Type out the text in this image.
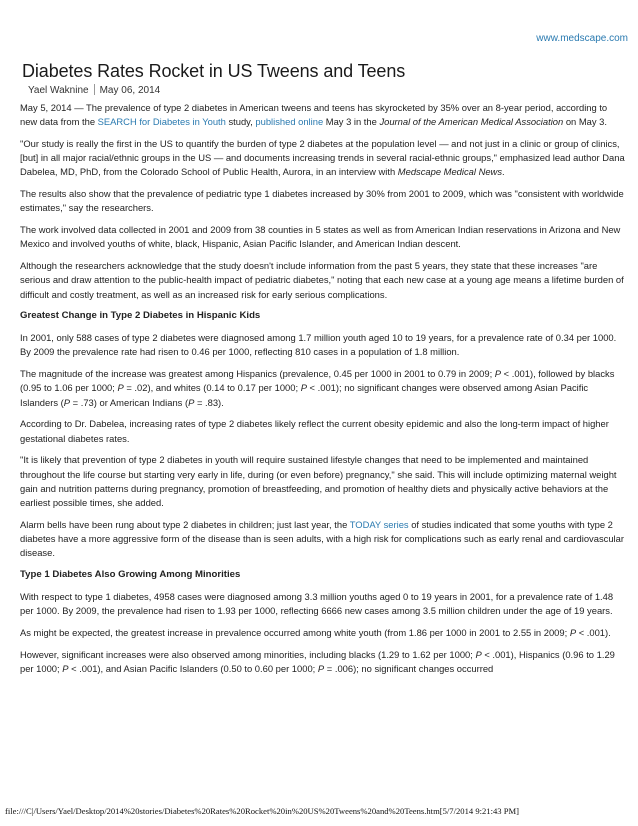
www.medscape.com
Diabetes Rates Rocket in US Tweens and Teens
Yael Waknine May 06, 2014

May 5, 2014 — The prevalence of type 2 diabetes in American tweens and teens has skyrocketed by 35% over an 8-year period, according to new data from the SEARCH for Diabetes in Youth study, published online May 3 in the Journal of the American Medical Association on May 3.

"Our study is really the first in the US to quantify the burden of type 2 diabetes at the population level — and not just in a clinic or group of clinics, [but] in all major racial/ethnic groups in the US — and documents increasing trends in several racial-ethnic groups," emphasized lead author Dana Dabelea, MD, PhD, from the Colorado School of Public Health, Aurora, in an interview with Medscape Medical News.

The results also show that the prevalence of pediatric type 1 diabetes increased by 30% from 2001 to 2009, which was "consistent with worldwide estimates," say the researchers.

The work involved data collected in 2001 and 2009 from 38 counties in 5 states as well as from American Indian reservations in Arizona and New Mexico and involved youths of white, black, Hispanic, Asian Pacific Islander, and American Indian descent.

Although the researchers acknowledge that the study doesn't include information from the past 5 years, they state that these increases "are serious and draw attention to the public-health impact of pediatric diabetes," noting that each new case at a young age means a lifetime burden of difficult and costly treatment, as well as an increased risk for early serious complications.

Greatest Change in Type 2 Diabetes in Hispanic Kids

In 2001, only 588 cases of type 2 diabetes were diagnosed among 1.7 million youth aged 10 to 19 years, for a prevalence rate of 0.34 per 1000. By 2009 the prevalence rate had risen to 0.46 per 1000, reflecting 810 cases in a population of 1.8 million.

The magnitude of the increase was greatest among Hispanics (prevalence, 0.45 per 1000 in 2001 to 0.79 in 2009; P < .001), followed by blacks (0.95 to 1.06 per 1000; P = .02), and whites (0.14 to 0.17 per 1000; P < .001); no significant changes were observed among Asian Pacific Islanders (P = .73) or American Indians (P = .83).

According to Dr. Dabelea, increasing rates of type 2 diabetes likely reflect the current obesity epidemic and also the long-term impact of higher gestational diabetes rates.

"It is likely that prevention of type 2 diabetes in youth will require sustained lifestyle changes that need to be implemented and maintained throughout the life course but starting very early in life, during (or even before) pregnancy," she said. This will include optimizing maternal weight gain and nutrition patterns during pregnancy, promotion of breastfeeding, and promotion of healthy diets and physically active behaviors at the earliest possible times, she added.

Alarm bells have been rung about type 2 diabetes in children; just last year, the TODAY series of studies indicated that some youths with type 2 diabetes have a more aggressive form of the disease than is seen adults, with a high risk for complications such as early renal and cardiovascular disease.

Type 1 Diabetes Also Growing Among Minorities

With respect to type 1 diabetes, 4958 cases were diagnosed among 3.3 million youths aged 0 to 19 years in 2001, for a prevalence rate of 1.48 per 1000. By 2009, the prevalence had risen to 1.93 per 1000, reflecting 6666 new cases among 3.5 million children under the age of 19 years.

As might be expected, the greatest increase in prevalence occurred among white youth (from 1.86 per 1000 in 2001 to 2.55 in 2009; P < .001).

However, significant increases were also observed among minorities, including blacks (1.29 to 1.62 per 1000; P < .001), Hispanics (0.96 to 1.29 per 1000; P < .001), and Asian Pacific Islanders (0.50 to 0.60 per 1000; P = .006); no significant changes occurred

file:///C|/Users/Yael/Desktop/2014%20stories/Diabetes%20Rates%20Rocket%20in%20US%20Tweens%20and%20Teens.htm[5/7/2014 9:21:43 PM]
